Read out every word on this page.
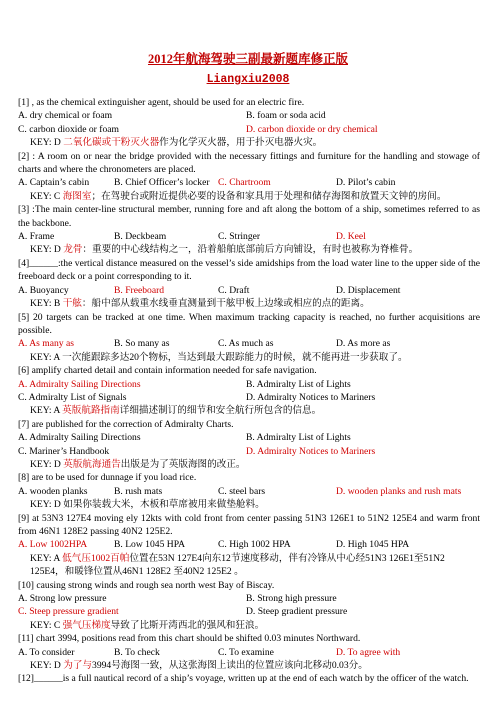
2012年航海驾驶三副最新题库修正版
Liangxiu2008

[1] , as the chemical extinguisher agent, should be used for an electric fire.

A. dry chemical or foam	B. foam or soda acid

C. carbon dioxide or foam	D. carbon dioxide or dry chemical

KEY: D 二氧化碳或干粉灭火器作为化学灭火器，用于扑灭电器火灾。

[2] : A room on or near the bridge provided with the necessary fittings and furniture for the handling and stowage of charts and where the chronometers are placed.

A. Captain’s cabin	B. Chief Officer’s locker C. Chartroom	D. Pilot’s cabin

KEY: C 海图室；在驾驶台或附近提供必要的设备和家具用于处理和储存海图和放置天文钟的房间。

[3] :The main center-line structural member, running fore and aft along the bottom of a ship, sometimes referred to as the backbone.

A. Frame	B. Deckbeam	C. Stringer	D. Keel

KEY: D 龙骨：重要的中心线结构之一，沿着船舶底部前后方向铺设，有时也被称为脊椎骨。

[4]______:the vertical distance measured on the vessel’s side amidships from the load water line to the upper side of the freeboard deck or a point corresponding to it.

A. Buoyancy	B. Freeboard	C. Draft	D. Displacement

KEY: B 干舷：船中部从载重水线垂直测量到干舷甲板上边缘或相应的点的距离。

[5] 20 targets can be tracked at one time. When maximum tracking capacity is reached, no further acquisitions are possible.

A. As many as	B. So many as	C. As much as	D. As more as

KEY: A 一次能跟踪多达20个物标，当达到最大跟踪能力的时候，就不能再进一步获取了。

[6] amplify charted detail and contain information needed for safe navigation.

A. Admiralty Sailing Directions	B. Admiralty List of Lights

C. Admiralty List of Signals	D. Admiralty Notices to Mariners

KEY: A 英版航路指南详细描述制订的细节和安全航行所包含的信息。

[7] are published for the correction of Admiralty Charts.

A. Admiralty Sailing Directions	B. Admiralty List of Lights

C. Mariner’s Handbook	D. Admiralty Notices to Mariners

KEY: D 英版航海通告出版是为了英版海图的改正。

[8] are to be used for dunnage if you load rice.

A. wooden planks	B. rush mats	C. steel bars	D. wooden planks and rush mats

KEY: D 如果你装载大米，木板和草席被用来做垫舱料。

[9] at 53N3 127E4 moving ely 12kts with cold front from center passing 51N3 126E1 to 51N2 125E4 and warm front from 46N1 128E2 passing 40N2 125E2.

A. Low 1002HPA	B. Low 1045 HPA	C. High 1002 HPA	D. High 1045 HPA

KEY: A 低气压1002百帕位置在53N 127E4向东12节速度移动，伴有冷锋从中心经51N3 126E1至51N2 125E4，和暖锋位置从46N1 128E2 至40N2 125E2 。

[10] causing strong winds and rough sea north west Bay of Biscay.

A. Strong low pressure	B. Strong high pressure

C. Steep pressure gradient	D. Steep gradient pressure

KEY: C 强气压梯度导致了比斯开湾西北的强风和狂浪。

[11] chart 3994, positions read from this chart should be shifted 0.03 minutes Northward.

A. To consider	B. To check	C. To examine	D. To agree with

KEY: D 为了与3994号海图一致，从这张海图上读出的位置应该向北移动0.03分。

[12]______is a full nautical record of a ship’s voyage, written up at the end of each watch by the officer of the watch.
